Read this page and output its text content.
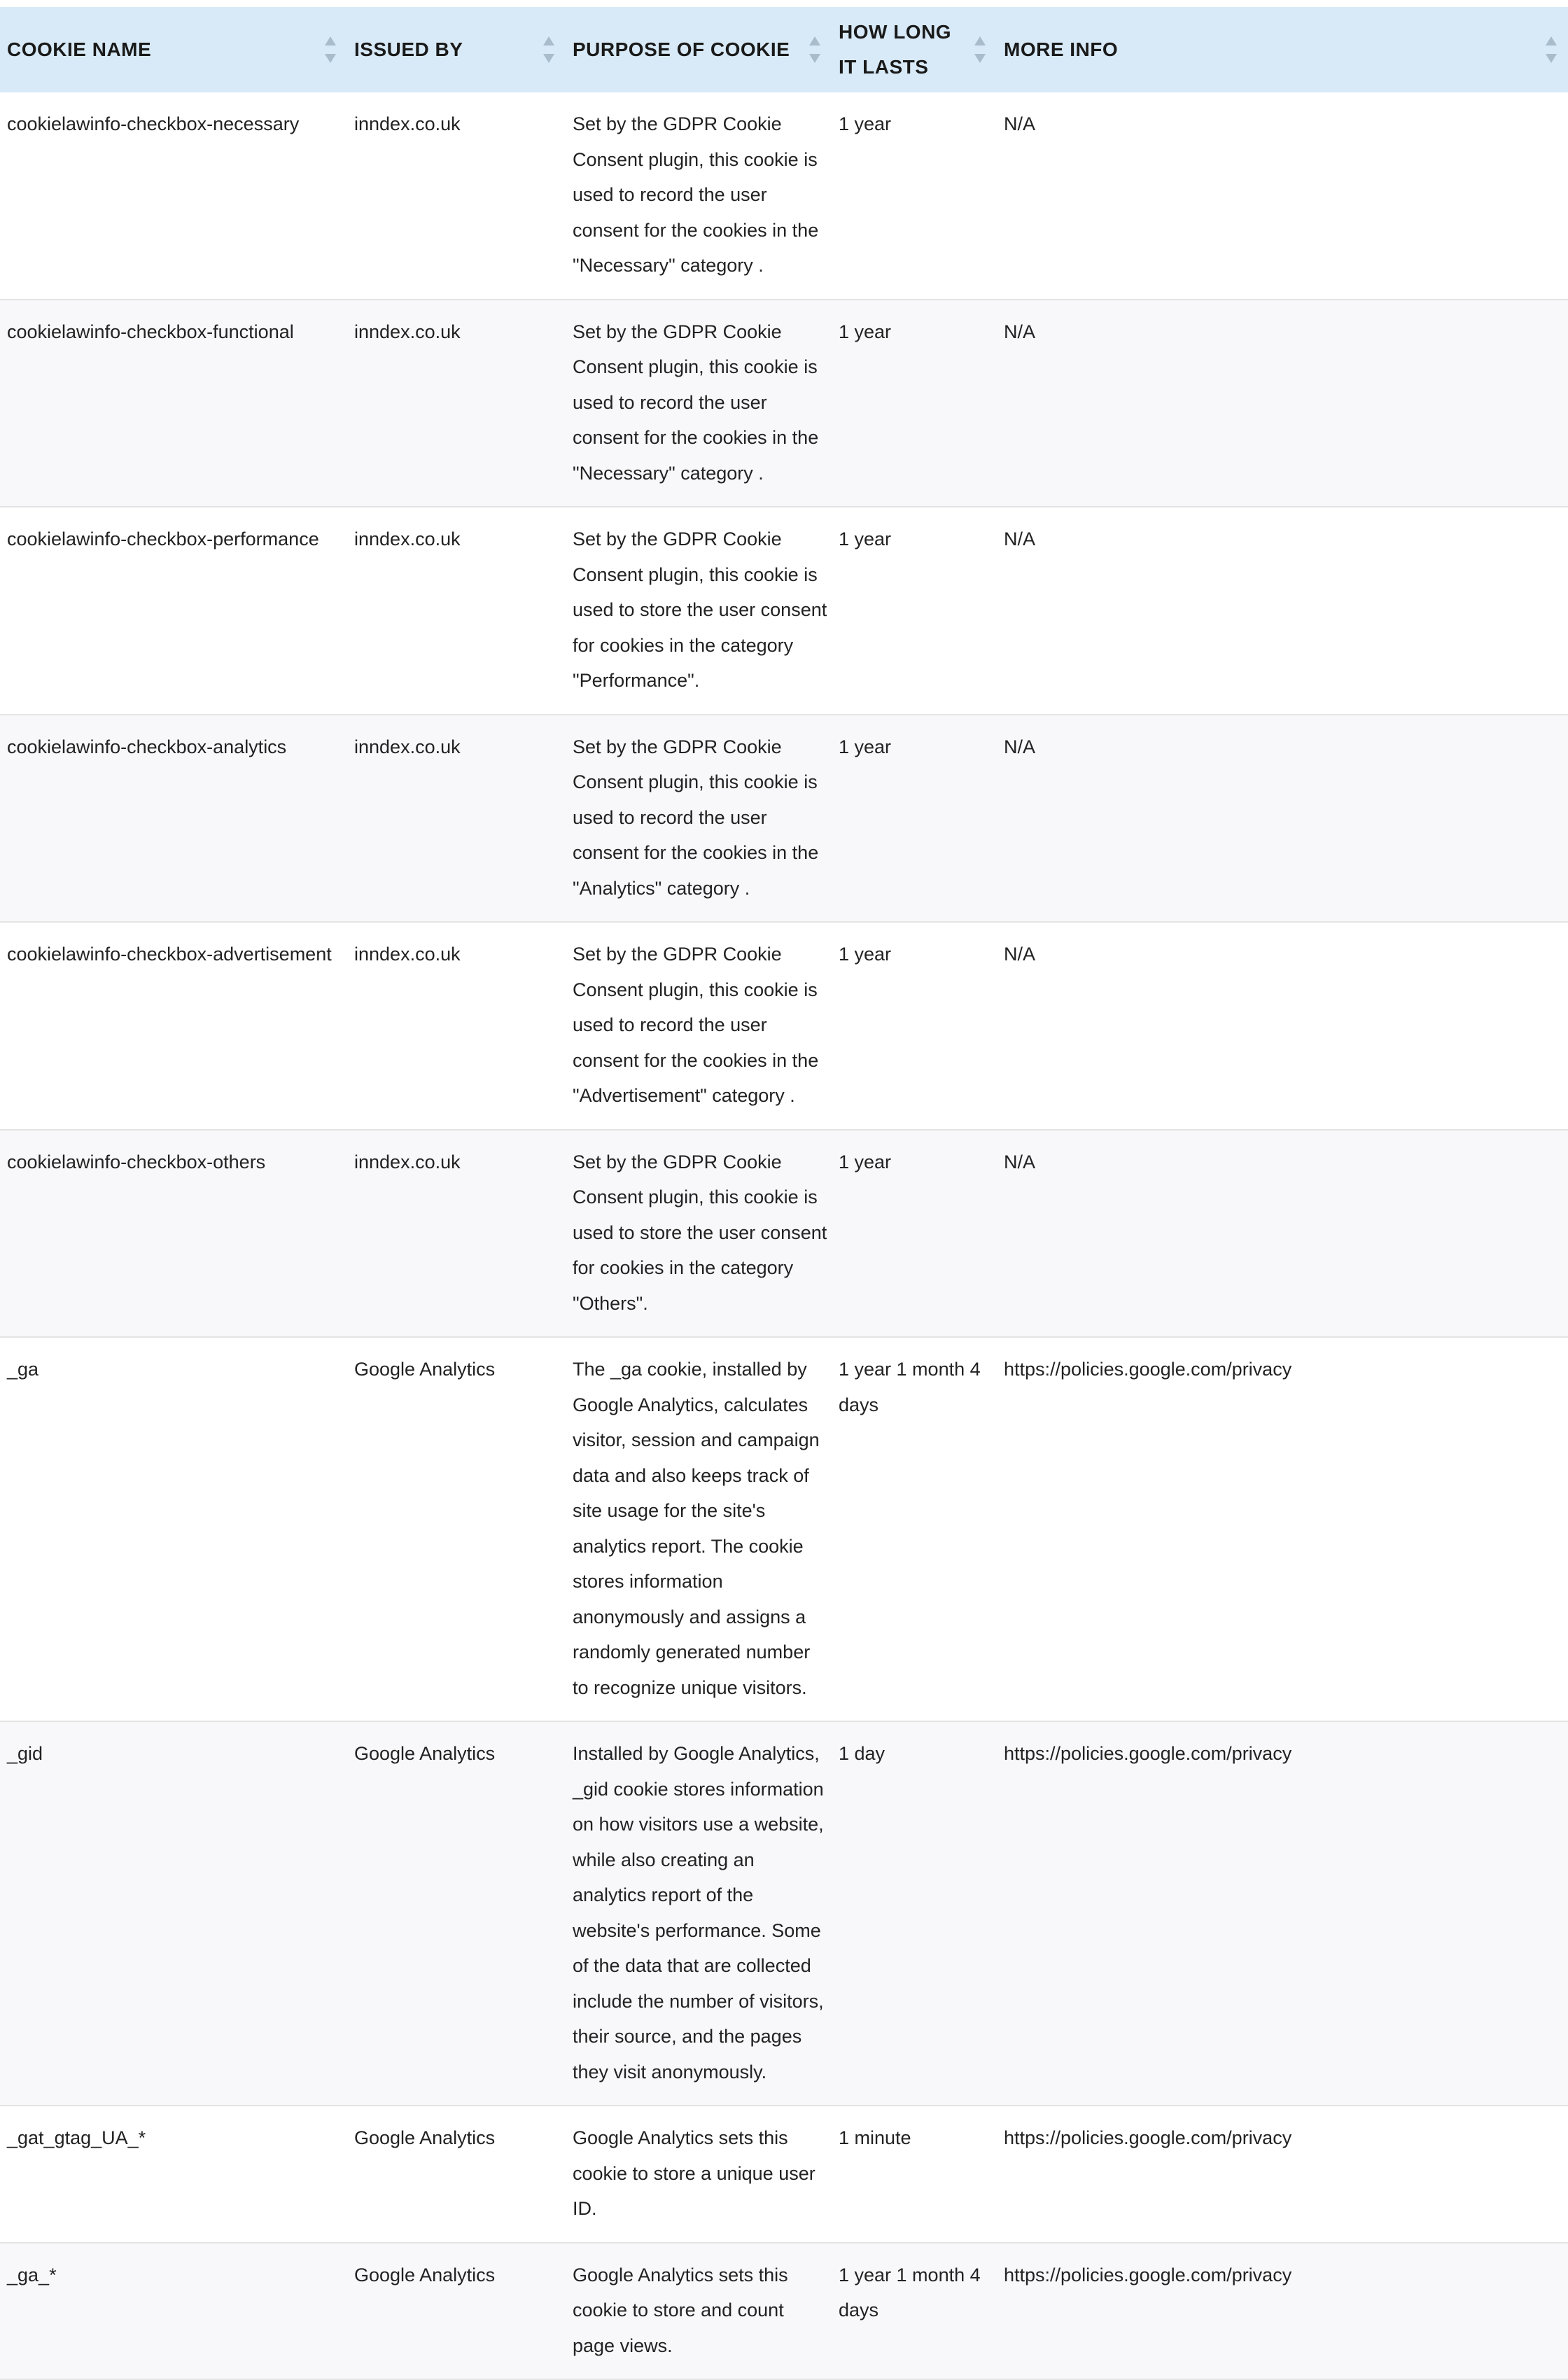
COOKIE NAME	ISSUED BY	PURPOSE OF COOKIE	HOW LONG IT LASTS	MORE INFO

cookielawinfo-checkbox-necessary	inndex.co.uk	Set by the GDPR Cookie Consent plugin, this cookie is used to record the user consent for the cookies in the "Necessary" category .	1 year	N/A
cookielawinfo-checkbox-functional	inndex.co.uk	Set by the GDPR Cookie Consent plugin, this cookie is used to record the user consent for the cookies in the "Necessary" category .	1 year	N/A
cookielawinfo-checkbox-performance	inndex.co.uk	Set by the GDPR Cookie Consent plugin, this cookie is used to store the user consent for cookies in the category "Performance".	1 year	N/A
cookielawinfo-checkbox-analytics	inndex.co.uk	Set by the GDPR Cookie Consent plugin, this cookie is used to record the user consent for the cookies in the "Analytics" category .	1 year	N/A
cookielawinfo-checkbox-advertisement	inndex.co.uk	Set by the GDPR Cookie Consent plugin, this cookie is used to record the user consent for the cookies in the "Advertisement" category .	1 year	N/A
cookielawinfo-checkbox-others	inndex.co.uk	Set by the GDPR Cookie Consent plugin, this cookie is used to store the user consent for cookies in the category "Others".	1 year	N/A
_ga	Google Analytics	The _ga cookie, installed by Google Analytics, calculates visitor, session and campaign data and also keeps track of site usage for the site's analytics report. The cookie stores information anonymously and assigns a randomly generated number to recognize unique visitors.	1 year 1 month 4 days	https://policies.google.com/privacy
_gid	Google Analytics	Installed by Google Analytics, _gid cookie stores information on how visitors use a website, while also creating an analytics report of the website's performance. Some of the data that are collected include the number of visitors, their source, and the pages they visit anonymously.	1 day	https://policies.google.com/privacy
_gat_gtag_UA_*	Google Analytics	Google Analytics sets this cookie to store a unique user ID.	1 minute	https://policies.google.com/privacy
_ga_*	Google Analytics	Google Analytics sets this cookie to store and count page views.	1 year 1 month 4 days	https://policies.google.com/privacy
